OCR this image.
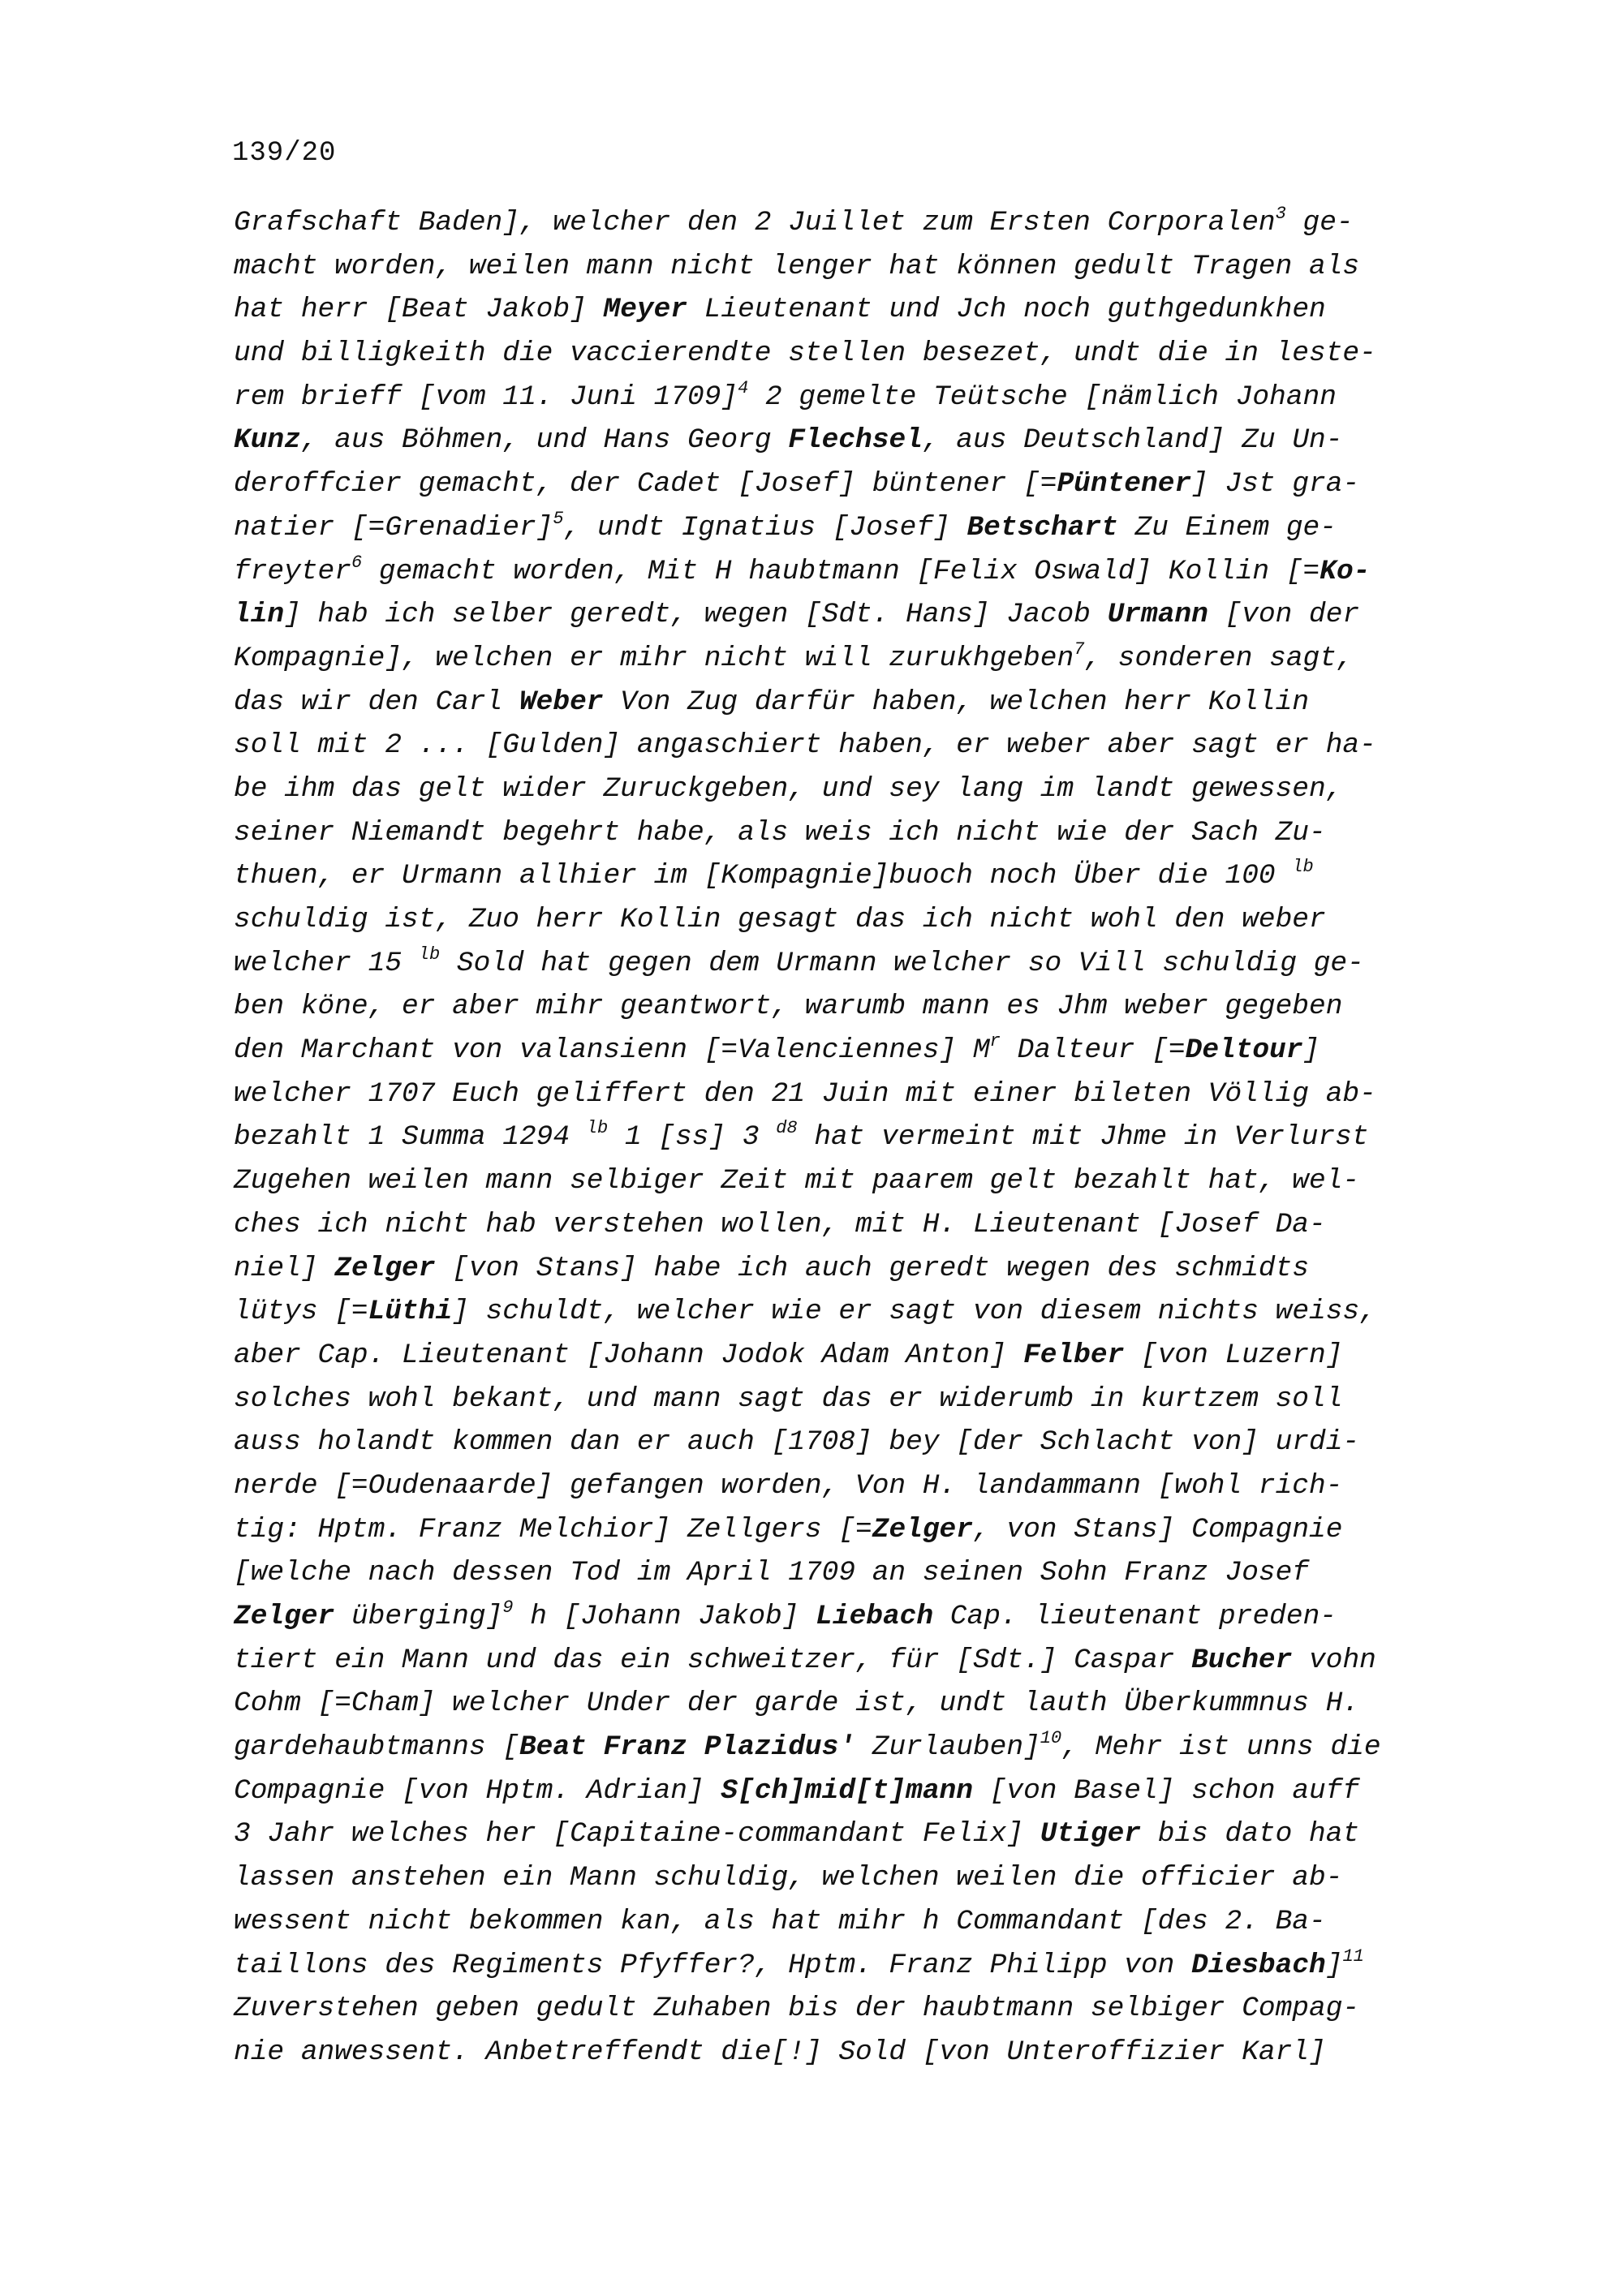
139/20
Grafschaft Baden], welcher den 2 Juillet zum Ersten Corporalen$^3$ ge-
macht worden, weilen mann nicht lenger hat können gedult Tragen als
hat herr [Beat Jakob] Meyer Lieutenant und Jch noch guthgedunkhen
und billigkeith die vaccierendte stellen besezet, undt die in leste-
rem brieff [vom 11. Juni 1709]$^4$ 2 gemelte Teütsche [nämlich Johann
Kunz, aus Böhmen, und Hans Georg Flechsel, aus Deutschland] Zu Un-
deroffcier gemacht, der Cadet [Josef] büntener [=Püntener] Jst gra-
natier [=Grenadier]$^5$, undt Ignatius [Josef] Betschart Zu Einem ge-
freyter$^6$ gemacht worden, Mit H haubtmann [Felix Oswald] Kollin [=Ko-
lin] hab ich selber geredt, wegen [Sdt. Hans] Jacob Urmann [von der
Kompagnie], welchen er mihr nicht will zurukhgeben$^7$, sonderen sagt,
das wir den Carl Weber Von Zug darfür haben, welchen herr Kollin
soll mit 2 ... [Gulden] angaschiert haben, er weber aber sagt er ha-
be ihm das gelt wider Zuruckgeben, und sey lang im landt gewessen,
seiner Niemandt begehrt habe, als weis ich nicht wie der Sach Zu-
thuen, er Urmann allhier im [Kompagnie]buoch noch Über die 100 $^{lb}$
schuldig ist, Zuo herr Kollin gesagt das ich nicht wohl den weber
welcher 15 $^{lb}$ Sold hat gegen dem Urmann welcher so Vill schuldig ge-
ben köne, er aber mihr geantwort, warumb mann es Jhm weber gegeben
den Marchant von valansienn [=Valenciennes] $M^r$ Dalteur [=Deltour]
welcher 1707 Euch geliffert den 21 Juin mit einer bileten Völlig ab-
bezahlt 1 Summa 1294 $^{lb}$ 1 [ss] 3 $^{d8}$ hat vermeint mit Jhme in Verlurst
Zugehen weilen mann selbiger Zeit mit paarem gelt bezahlt hat, wel-
ches ich nicht hab verstehen wollen, mit H. Lieutenant [Josef Da-
niel] Zelger [von Stans] habe ich auch geredt wegen des schmidts
lütys [=Lüthi] schuldt, welcher wie er sagt von diesem nichts weiss,
aber Cap. Lieutenant [Johann Jodok Adam Anton] Felber [von Luzern]
solches wohl bekant, und mann sagt das er widerumb in kurtzem soll
auss holandt kommen dan er auch [1708] bey [der Schlacht von] urdi-
nerde [=Oudenaarde] gefangen worden, Von H. landammann [wohl rich-
tig: Hptm. Franz Melchior] Zellgers [=Zelger, von Stans] Compagnie
[welche nach dessen Tod im April 1709 an seinen Sohn Franz Josef
Zelger überging]$^9$ h [Johann Jakob] Liebach Cap. lieutenant preden-
tiert ein Mann und das ein schweitzer, für [Sdt.] Caspar Bucher vohn
Cohm [=Cham] welcher Under der garde ist, undt lauth Überkummnus H.
gardehaubtmanns [Beat Franz Plazidus' Zurlauben]$^{10}$, Mehr ist unns die
Compagnie [von Hptm. Adrian] S[ch]mid[t]mann [von Basel] schon auff
3 Jahr welches her [Capitaine-commandant Felix] Utiger bis dato hat
lassen anstehen ein Mann schuldig, welchen weilen die officier ab-
wessent nicht bekommen kan, als hat mihr h Commandant [des 2. Ba-
taillons des Regiments Pfyffer?, Hptm. Franz Philipp von Diesbach]$^{11}$
Zuverstehen geben gedult Zuhaben bis der haubtmann selbiger Compag-
nie anwessent. Anbetreffendt die[!] Sold [von Unteroffizier Karl]
